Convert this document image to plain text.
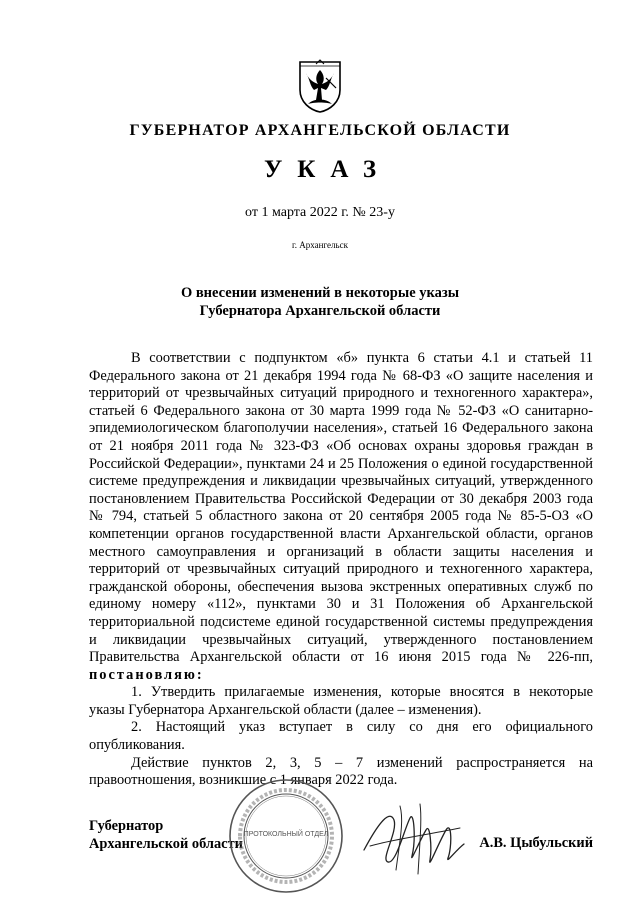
ГУБЕРНАТОР АРХАНГЕЛЬСКОЙ ОБЛАСТИ
УКАЗ
от 1 марта 2022 г. № 23-у
г. Архангельск
О внесении изменений в некоторые указы
Губернатора Архангельской области

В соответствии с подпунктом «б» пункта 6 статьи 4.1 и статьей 11 Федерального закона от 21 декабря 1994 года № 68-ФЗ «О защите населения и территорий от чрезвычайных ситуаций природного и техногенного характера», статьей 6 Федерального закона от 30 марта 1999 года № 52-ФЗ «О санитарно-эпидемиологическом благополучии населения», статьей 16 Федерального закона от 21 ноября 2011 года № 323-ФЗ «Об основах охраны здоровья граждан в Российской Федерации», пунктами 24 и 25 Положения о единой государственной системе предупреждения и ликвидации чрезвычайных ситуаций, утвержденного постановлением Правительства Российской Федерации от 30 декабря 2003 года № 794, статьей 5 областного закона от 20 сентября 2005 года № 85-5-ОЗ «О компетенции органов государственной власти Архангельской области, органов местного самоуправления и организаций в области защиты населения и территорий от чрезвычайных ситуаций природного и техногенного характера, гражданской обороны, обеспечения вызова экстренных оперативных служб по единому номеру «112», пунктами 30 и 31 Положения об Архангельской территориальной подсистеме единой государственной системы предупреждения и ликвидации чрезвычайных ситуаций, утвержденного постановлением Правительства Архангельской области от 16 июня 2015 года № 226-пп, постановляю:

1. Утвердить прилагаемые изменения, которые вносятся в некоторые указы Губернатора Архангельской области (далее – изменения).

2. Настоящий указ вступает в силу со дня его официального опубликования.

Действие пунктов 2, 3, 5 – 7 изменений распространяется на правоотношения, возникшие с 1 января 2022 года.

Губернатор
Архангельской области	А.В. Цыбульский
ПРОТОКОЛЬНЫЙ ОТДЕЛ
